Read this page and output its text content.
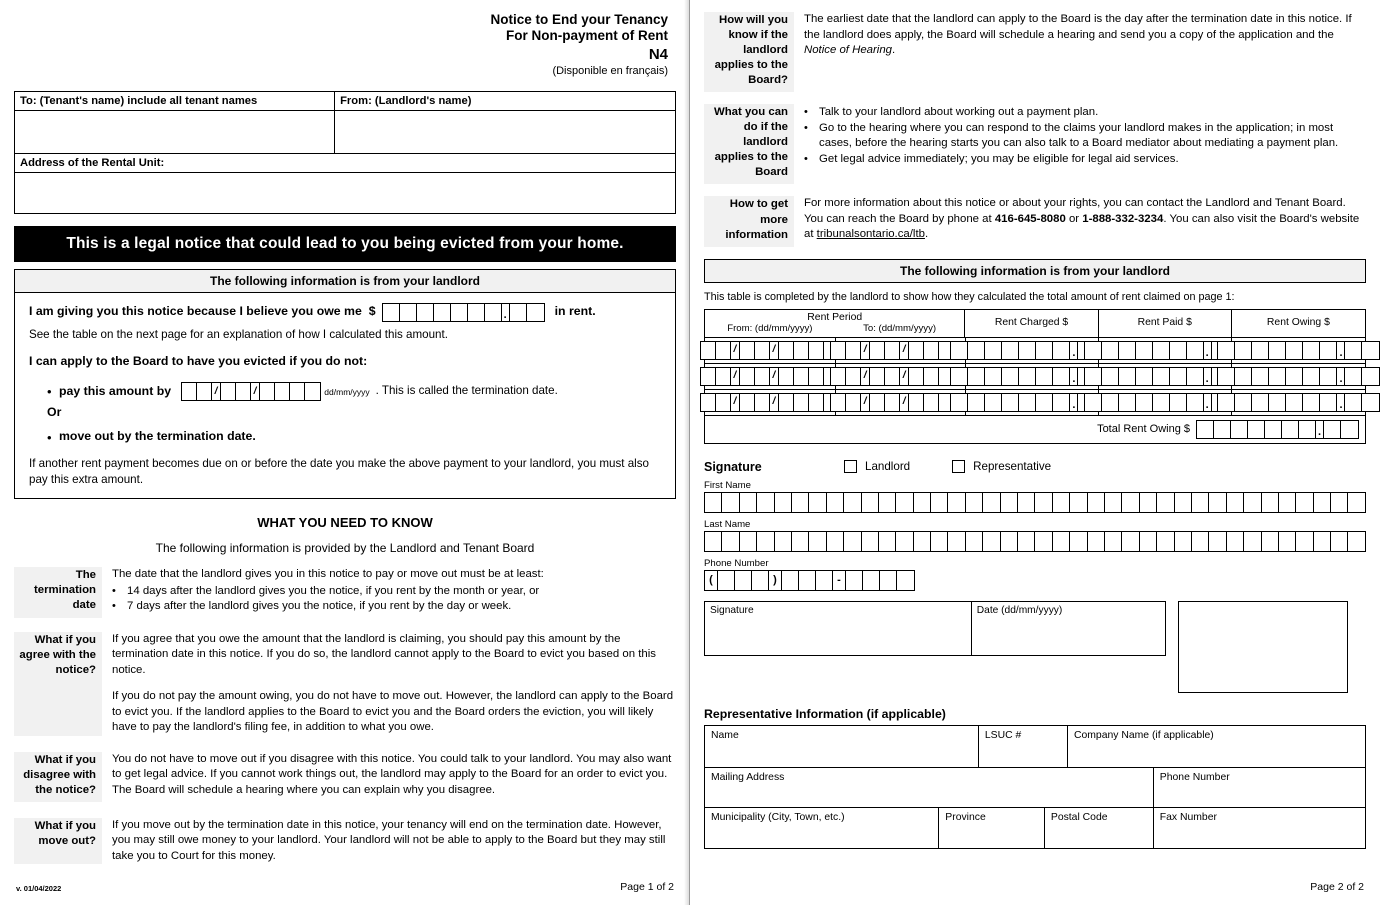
Notice to End your Tenancy
For Non-payment of Rent
N4
(Disponible en français)
To: (Tenant's name) include all tenant names	From: (Landlord's name)
Address of the Rental Unit:
This is a legal notice that could lead to you being evicted from your home.
The following information is from your landlord
I am giving you this notice because I believe you owe me $	.	in rent.
See the table on the next page for an explanation of how I calculated this amount.
I can apply to the Board to have you evicted if you do not:
• pay this amount by	/	/	dd/mm/yyyy . This is called the termination date.
Or
• move out by the termination date.
If another rent payment becomes due on or before the date you make the above payment to your landlord, you must also pay this extra amount.
WHAT YOU NEED TO KNOW
The following information is provided by the Landlord and Tenant Board
The termination date
The date that the landlord gives you in this notice to pay or move out must be at least:
• 14 days after the landlord gives you the notice, if you rent by the month or year, or
• 7 days after the landlord gives you the notice, if you rent by the day or week.
What if you agree with the notice?

If you agree that you owe the amount that the landlord is claiming, you should pay this amount by the termination date in this notice. If you do so, the landlord cannot apply to the Board to evict you based on this notice.

If you do not pay the amount owing, you do not have to move out. However, the landlord can apply to the Board to evict you. If the landlord applies to the Board to evict you and the Board orders the eviction, you will likely have to pay the landlord's filing fee, in addition to what you owe.

What if you disagree with the notice?

You do not have to move out if you disagree with this notice. You could talk to your landlord. You may also want to get legal advice. If you cannot work things out, the landlord may apply to the Board for an order to evict you. The Board will schedule a hearing where you can explain why you disagree.

What if you move out?

If you move out by the termination date in this notice, your tenancy will end on the termination date. However, you may still owe money to your landlord. Your landlord will not be able to apply to the Board but they may still take you to Court for this money.

v. 01/04/2022	Page 1 of 2
How will you know if the landlord applies to the Board?
The earliest date that the landlord can apply to the Board is the day after the termination date in this notice. If the landlord does apply, the Board will schedule a hearing and send you a copy of the application and the Notice of Hearing.
What you can do if the landlord applies to the Board
• Talk to your landlord about working out a payment plan.
• Go to the hearing where you can respond to the claims your landlord makes in the application; in most cases, before the hearing starts you can also talk to a Board mediator about mediating a payment plan.
• Get legal advice immediately; you may be eligible for legal aid services.
How to get more information
For more information about this notice or about your rights, you can contact the Landlord and Tenant Board. You can reach the Board by phone at 416-645-8080 or 1-888-332-3234. You can also visit the Board's website at tribunalsontario.ca/ltb.
The following information is from your landlord
This table is completed by the landlord to show how they calculated the total amount of rent claimed on page 1:
Rent Period
From: (dd/mm/yyyy)	To: (dd/mm/yyyy)	Rent Charged $	Rent Paid $	Rent Owing $
/	/	/	/	.	.	.
/	/	/	/	.	.	.
/	/	/	/	.	.	.
Total Rent Owing $	.
Signature	Landlord	Representative
First Name
Last Name
Phone Number
(	)	-
Signature	Date (dd/mm/yyyy)
Representative Information (if applicable)
Name	LSUC #	Company Name (if applicable)
Mailing Address	Phone Number
Municipality (City, Town, etc.)	Province	Postal Code	Fax Number
Page 2 of 2
